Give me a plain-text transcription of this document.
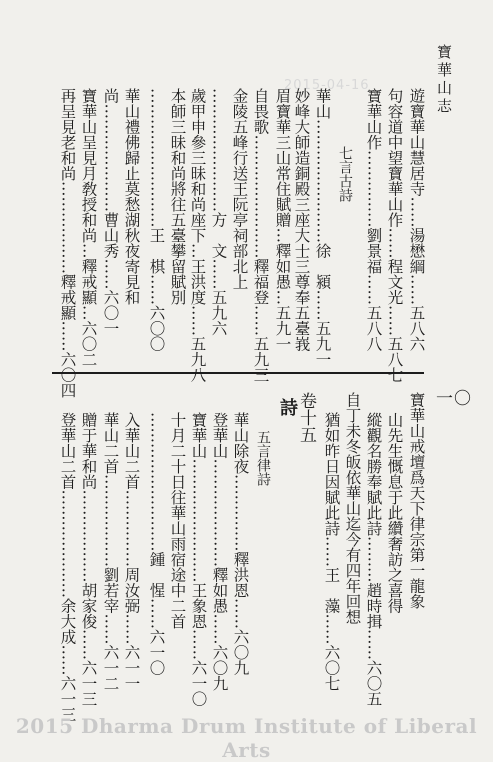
寶華山志
一〇
2015-04-16
遊寶華山慧居寺……湯懋綱……五八六
句容道中望寶華山作……程文光……五八七
寶華山作……………劉景福……五八八
七言古詩
華山……………………徐　潁……五九一
妙峰大師造銅殿三座大士三尊奉五臺峩
眉寶華三山常住賦贈…釋如愚…五九一
自畏歌……………………釋福登……五九三
金陵五峰行送王阮亭祠部北上
……………………方　文……五九六
歲甲申參三昧和尚座下…王洪度……五九八
本師三昧和尚將往五臺攀留賦別
………………………王　棋……六〇〇
華山禮佛歸止莫愁湖秋夜寄見和
尚…………………曹山秀……六〇一
寶華山呈見月敎授和尚…釋戒顯…六〇二
再呈見老和尚………………釋戒顯……六〇四
寶華山戒壇爲天下律宗第一龍象
山先生慨息于此纘奢訪之喜得
縱觀名勝奉賦此詩………趙時揖……六〇五
自丁未冬皈依華山迄今有四年回想
猶如昨日因賦此詩……王　藻……六〇七
卷十五
詩
五言律詩
華山除夜……………釋洪恩……六〇九
登華山…………………釋如愚……六〇九
寶華山……………………王象恩……六一〇
十月二十日往華山雨宿途中二首
………………………鍾　惺……六一〇
入華山二首……………周汝弼……六一一
華山二首………………劉若宰……六一二
贈于華和尚………………胡家俊……六一三
登華山二首…………………余大成……六一三
2015 Dharma Drum Institute of Liberal Arts
